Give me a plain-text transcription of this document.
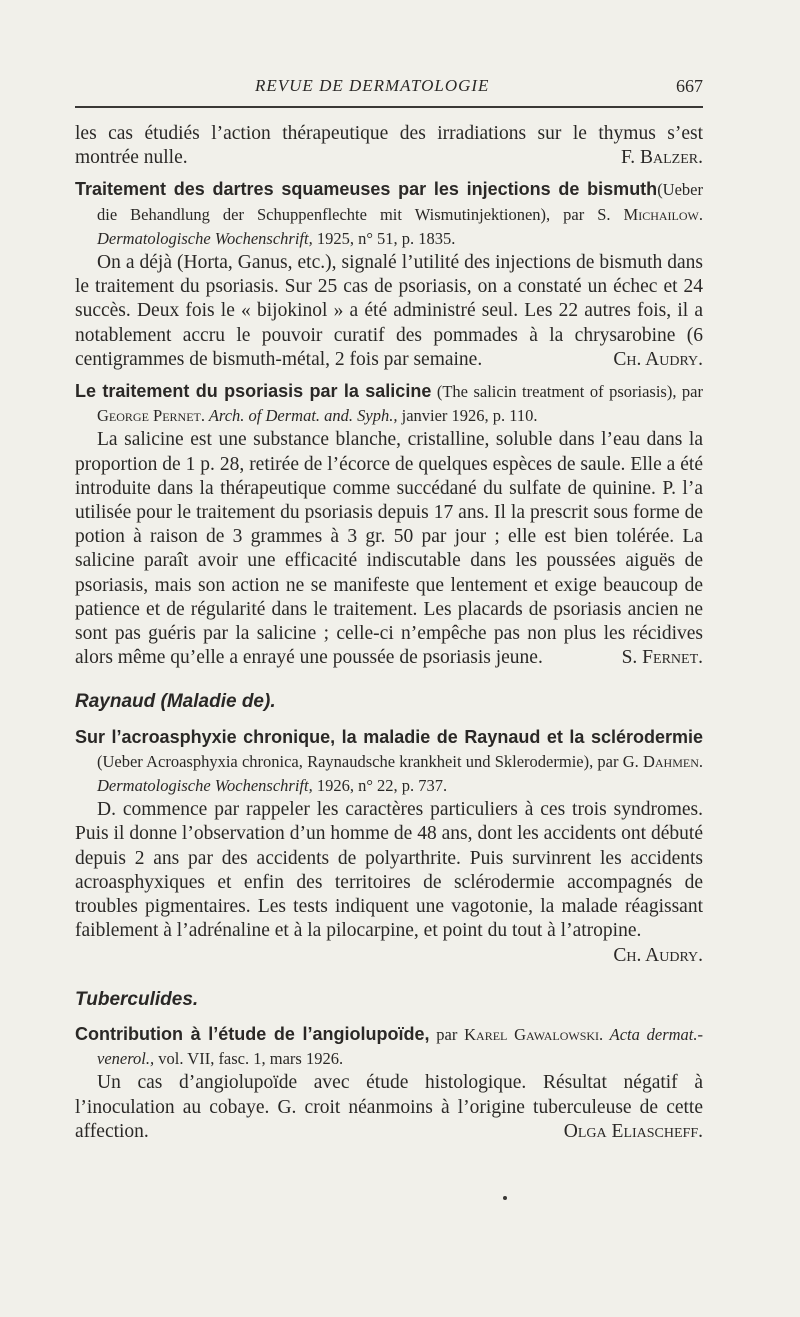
REVUE DE DERMATOLOGIE	667

les cas étudiés l’action thérapeutique des irradiations sur le thymus s’est montrée nulle.	F. Balzer.

Traitement des dartres squameuses par les injections de bismuth(Ueber die Behandlung der Schuppenflechte mit Wismutinjektionen), par S. Michailow. Dermatologische Wochenschrift, 1925, n° 51, p. 1835.

On a déjà (Horta, Ganus, etc.), signalé l’utilité des injections de bismuth dans le traitement du psoriasis. Sur 25 cas de psoriasis, on a constaté un échec et 24 succès. Deux fois le « bijokinol » a été administré seul. Les 22 autres fois, il a notablement accru le pouvoir curatif des pommades à la chrysarobine (6 centigrammes de bismuth-métal, 2 fois par semaine.	Ch. Audry.

Le traitement du psoriasis par la salicine (The salicin treatment of psoriasis), par George Pernet. Arch. of Dermat. and. Syph., janvier 1926, p. 110.

La salicine est une substance blanche, cristalline, soluble dans l’eau dans la proportion de 1 p. 28, retirée de l’écorce de quelques espèces de saule. Elle a été introduite dans la thérapeutique comme succédané du sulfate de quinine. P. l’a utilisée pour le traitement du psoriasis depuis 17 ans. Il la prescrit sous forme de potion à raison de 3 grammes à 3 gr. 50 par jour ; elle est bien tolérée. La salicine paraît avoir une efficacité indiscutable dans les poussées aiguës de psoriasis, mais son action ne se manifeste que lentement et exige beaucoup de patience et de régularité dans le traitement. Les placards de psoriasis ancien ne sont pas guéris par la salicine ; celle-ci n’empêche pas non plus les récidives alors même qu’elle a enrayé une poussée de psoriasis jeune.	S. Fernet.

Raynaud (Maladie de).

Sur l’acroasphyxie chronique, la maladie de Raynaud et la sclérodermie (Ueber Acroasphyxia chronica, Raynaudsche krankheit und Sklerodermie), par G. Dahmen. Dermatologische Wochenschrift, 1926, n° 22, p. 737.

D. commence par rappeler les caractères particuliers à ces trois syndromes. Puis il donne l’observation d’un homme de 48 ans, dont les accidents ont débuté depuis 2 ans par des accidents de polyarthrite. Puis survinrent les accidents acroasphyxiques et enfin des territoires de sclérodermie accompagnés de troubles pigmentaires. Les tests indiquent une vagotonie, la malade réagissant faiblement à l’adrénaline et à la pilocarpine, et point du tout à l’atropine.
Ch. Audry.

Tuberculides.

Contribution à l’étude de l’angiolupoïde, par Karel Gawalowski. Acta dermat.-venerol., vol. VII, fasc. 1, mars 1926.

Un cas d’angiolupoïde avec étude histologique. Résultat négatif à l’inoculation au cobaye. G. croit néanmoins à l’origine tuberculeuse de cette affection.	Olga Eliascheff.
